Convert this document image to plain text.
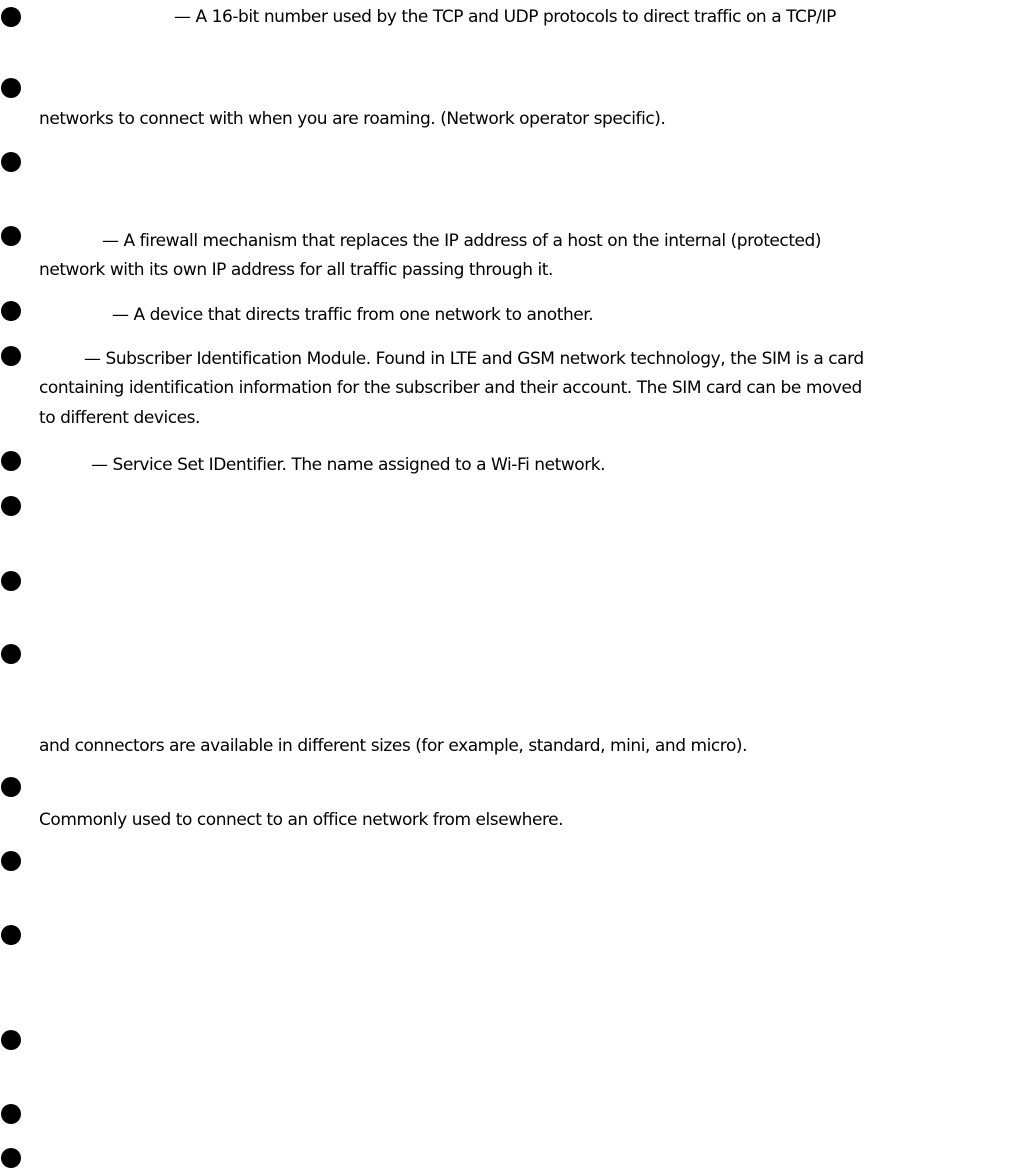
— A 16-bit number used by the TCP and UDP protocols to direct traffic on a TCP/IP
networks to connect with when you are roaming. (Network operator specific).
— A firewall mechanism that replaces the IP address of a host on the internal (protected)
network with its own IP address for all traffic passing through it.
— A device that directs traffic from one network to another.
— Subscriber Identification Module. Found in LTE and GSM network technology, the SIM is a card
containing identification information for the subscriber and their account. The SIM card can be moved
to different devices.
— Service Set IDentifier. The name assigned to a Wi-Fi network.
and connectors are available in different sizes (for example, standard, mini, and micro).
Commonly used to connect to an office network from elsewhere.
